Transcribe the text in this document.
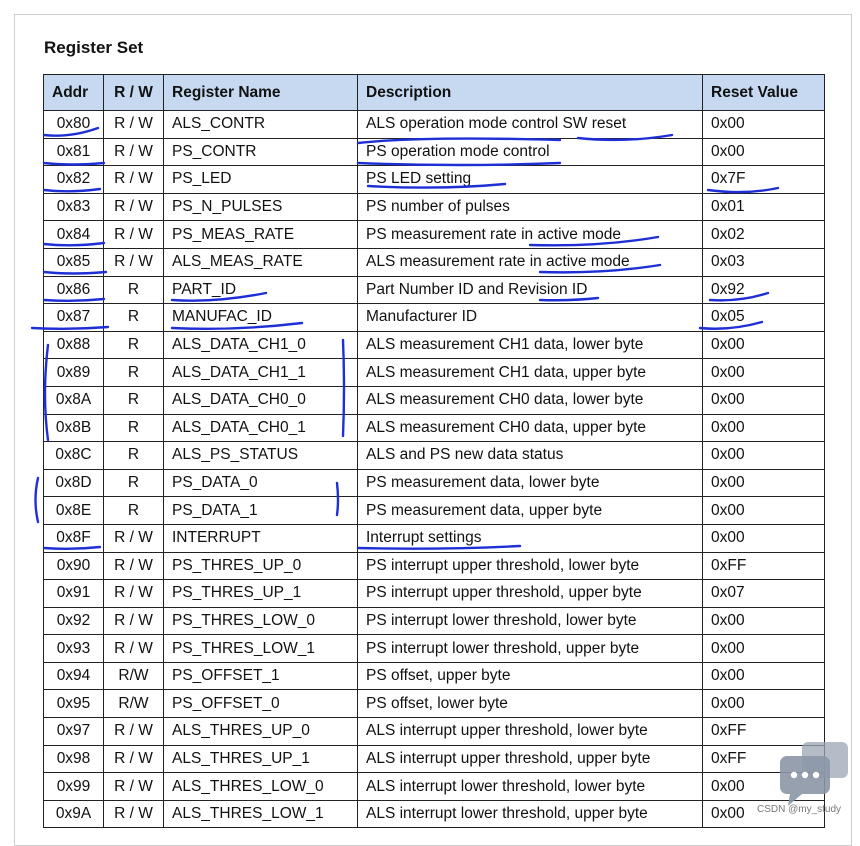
Register Set
Addr	R / W	Register Name	Description	Reset Value
0x80	R / W	ALS_CONTR	ALS operation mode control SW reset	0x00
0x81	R / W	PS_CONTR	PS operation mode control	0x00
0x82	R / W	PS_LED	PS LED setting	0x7F
0x83	R / W	PS_N_PULSES	PS number of pulses	0x01
0x84	R / W	PS_MEAS_RATE	PS measurement rate in active mode	0x02
0x85	R / W	ALS_MEAS_RATE	ALS measurement rate in active mode	0x03
0x86	R	PART_ID	Part Number ID and Revision ID	0x92
0x87	R	MANUFAC_ID	Manufacturer ID	0x05
0x88	R	ALS_DATA_CH1_0	ALS measurement CH1 data, lower byte	0x00
0x89	R	ALS_DATA_CH1_1	ALS measurement CH1 data, upper byte	0x00
0x8A	R	ALS_DATA_CH0_0	ALS measurement CH0 data, lower byte	0x00
0x8B	R	ALS_DATA_CH0_1	ALS measurement CH0 data, upper byte	0x00
0x8C	R	ALS_PS_STATUS	ALS and PS new data status	0x00
0x8D	R	PS_DATA_0	PS measurement data, lower byte	0x00
0x8E	R	PS_DATA_1	PS measurement data, upper byte	0x00
0x8F	R / W	INTERRUPT	Interrupt settings	0x00
0x90	R / W	PS_THRES_UP_0	PS interrupt upper threshold, lower byte	0xFF
0x91	R / W	PS_THRES_UP_1	PS interrupt upper threshold, upper byte	0x07
0x92	R / W	PS_THRES_LOW_0	PS interrupt lower threshold, lower byte	0x00
0x93	R / W	PS_THRES_LOW_1	PS interrupt lower threshold, upper byte	0x00
0x94	R/W	PS_OFFSET_1	PS offset, upper byte	0x00
0x95	R/W	PS_OFFSET_0	PS offset, lower byte	0x00
0x97	R / W	ALS_THRES_UP_0	ALS interrupt upper threshold, lower byte	0xFF
0x98	R / W	ALS_THRES_UP_1	ALS interrupt upper threshold, upper byte	0xFF
0x99	R / W	ALS_THRES_LOW_0	ALS interrupt lower threshold, lower byte	0x00
0x9A	R / W	ALS_THRES_LOW_1	ALS interrupt lower threshold, upper byte	0x00 CSDN @my_study
